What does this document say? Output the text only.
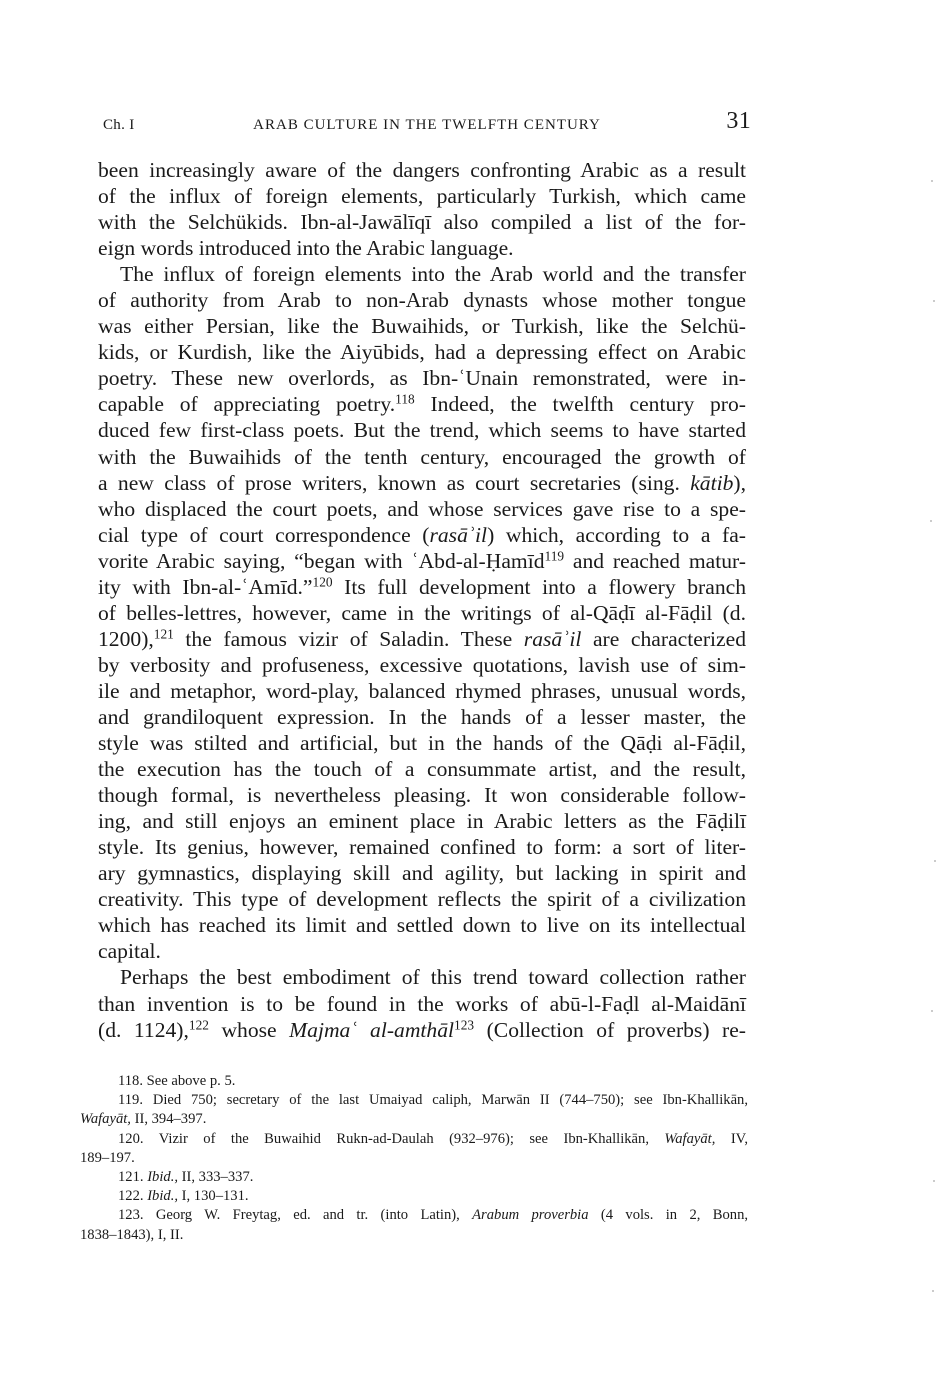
Ch. I	ARAB CULTURE IN THE TWELFTH CENTURY	31

been increasingly aware of the dangers confronting Arabic as a result
of the influx of foreign elements, particularly Turkish, which came
with the Selchükids. Ibn-al-Jawālīqī also compiled a list of the for-
eign words introduced into the Arabic language.

The influx of foreign elements into the Arab world and the transfer
of authority from Arab to non-Arab dynasts whose mother tongue
was either Persian, like the Buwaihids, or Turkish, like the Selchü-
kids, or Kurdish, like the Aiyūbids, had a depressing effect on Arabic
poetry. These new overlords, as Ibn-ʿUnain remonstrated, were in-
capable of appreciating poetry.$^{118}$ Indeed, the twelfth century pro-
duced few first-class poets. But the trend, which seems to have started
with the Buwaihids of the tenth century, encouraged the growth of
a new class of prose writers, known as court secretaries (sing. kātib),
who displaced the court poets, and whose services gave rise to a spe-
cial type of court correspondence (rasāʾil) which, according to a fa-
vorite Arabic saying, “began with ʿAbd-al-Ḥamīd$^{119}$ and reached matur-
ity with Ibn-al-ʿAmīd.”$^{120}$ Its full development into a flowery branch
of belles-lettres, however, came in the writings of al-Qāḍī al-Fāḍil (d.
1200),$^{121}$ the famous vizir of Saladin. These rasāʾil are characterized
by verbosity and profuseness, excessive quotations, lavish use of sim-
ile and metaphor, word-play, balanced rhymed phrases, unusual words,
and grandiloquent expression. In the hands of a lesser master, the
style was stilted and artificial, but in the hands of the Qāḍi al-Fāḍil,
the execution has the touch of a consummate artist, and the result,
though formal, is nevertheless pleasing. It won considerable follow-
ing, and still enjoys an eminent place in Arabic letters as the Fāḍilī
style. Its genius, however, remained confined to form: a sort of liter-
ary gymnastics, displaying skill and agility, but lacking in spirit and
creativity. This type of development reflects the spirit of a civilization
which has reached its limit and settled down to live on its intellectual
capital.

Perhaps the best embodiment of this trend toward collection rather
than invention is to be found in the works of abū-l-Faḍl al-Maidānī
(d. 1124),$^{122}$ whose Majmaʿ al-amthāl$^{123}$ (Collection of proverbs) re-

118. See above p. 5.
119. Died 750; secretary of the last Umaiyad caliph, Marwān II (744–750); see Ibn-Khallikān,
Wafayāt, II, 394–397.
120. Vizir of the Buwaihid Rukn-ad-Daulah (932–976); see Ibn-Khallikān, Wafayāt, IV,
189–197.
121. Ibid., II, 333–337.
122. Ibid., I, 130–131.
123. Georg W. Freytag, ed. and tr. (into Latin), Arabum proverbia (4 vols. in 2, Bonn,
1838–1843), I, II.
